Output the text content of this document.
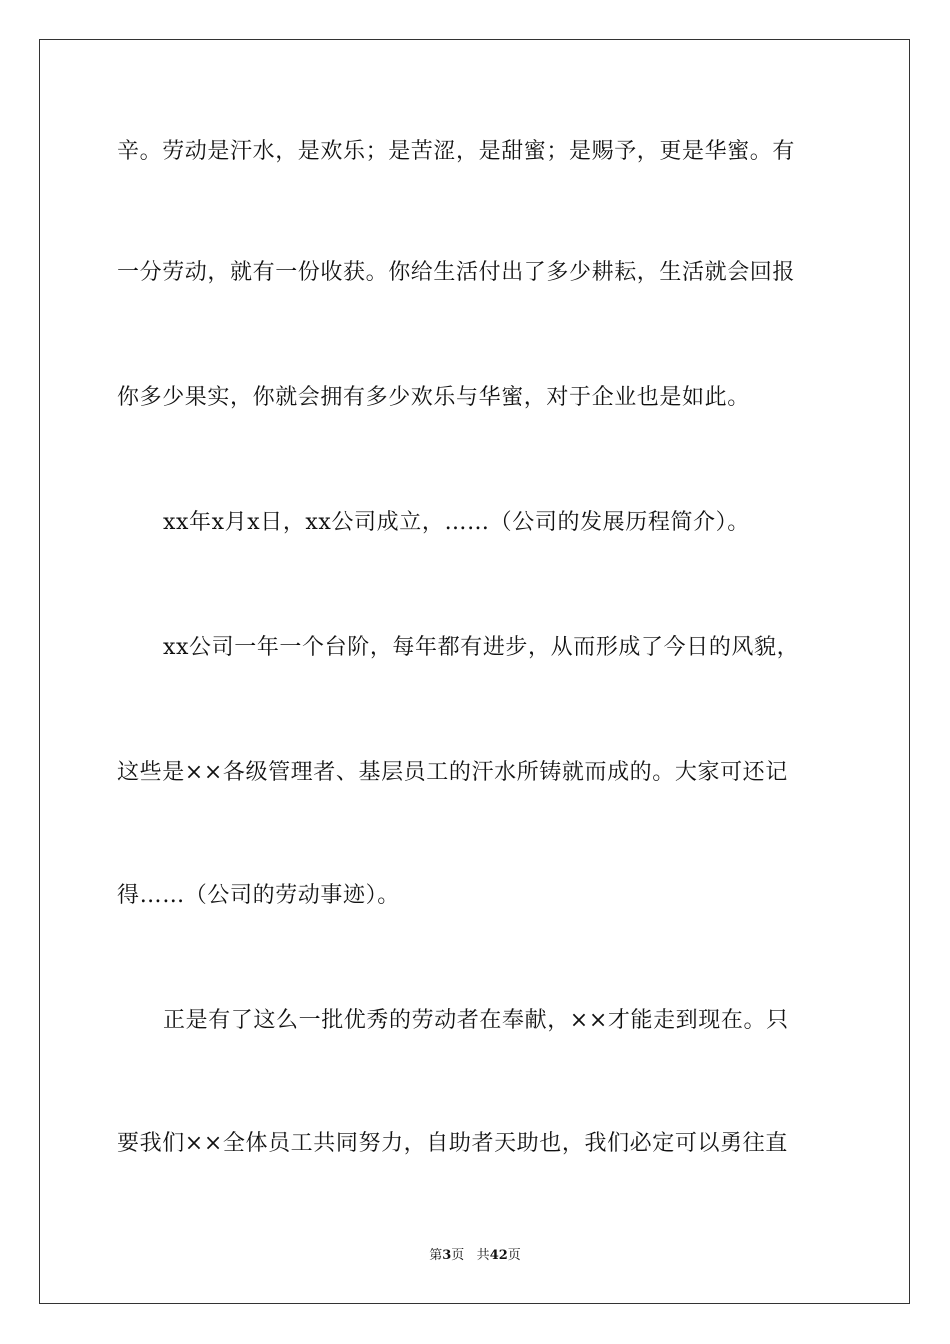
辛。劳动是汗水，是欢乐；是苦涩，是甜蜜；是赐予，更是华蜜。有
一分劳动，就有一份收获。你给生活付出了多少耕耘，生活就会回报
你多少果实，你就会拥有多少欢乐与华蜜，对于企业也是如此。
xx年x月x日，xx公司成立，……（公司的发展历程简介）。
xx公司一年一个台阶，每年都有进步，从而形成了今日的风貌，
这些是××各级管理者、基层员工的汗水所铸就而成的。大家可还记
得……（公司的劳动事迹）。
正是有了这么一批优秀的劳动者在奉献，××才能走到现在。只
要我们××全体员工共同努力，自助者天助也，我们必定可以勇往直
第3页 共42页
